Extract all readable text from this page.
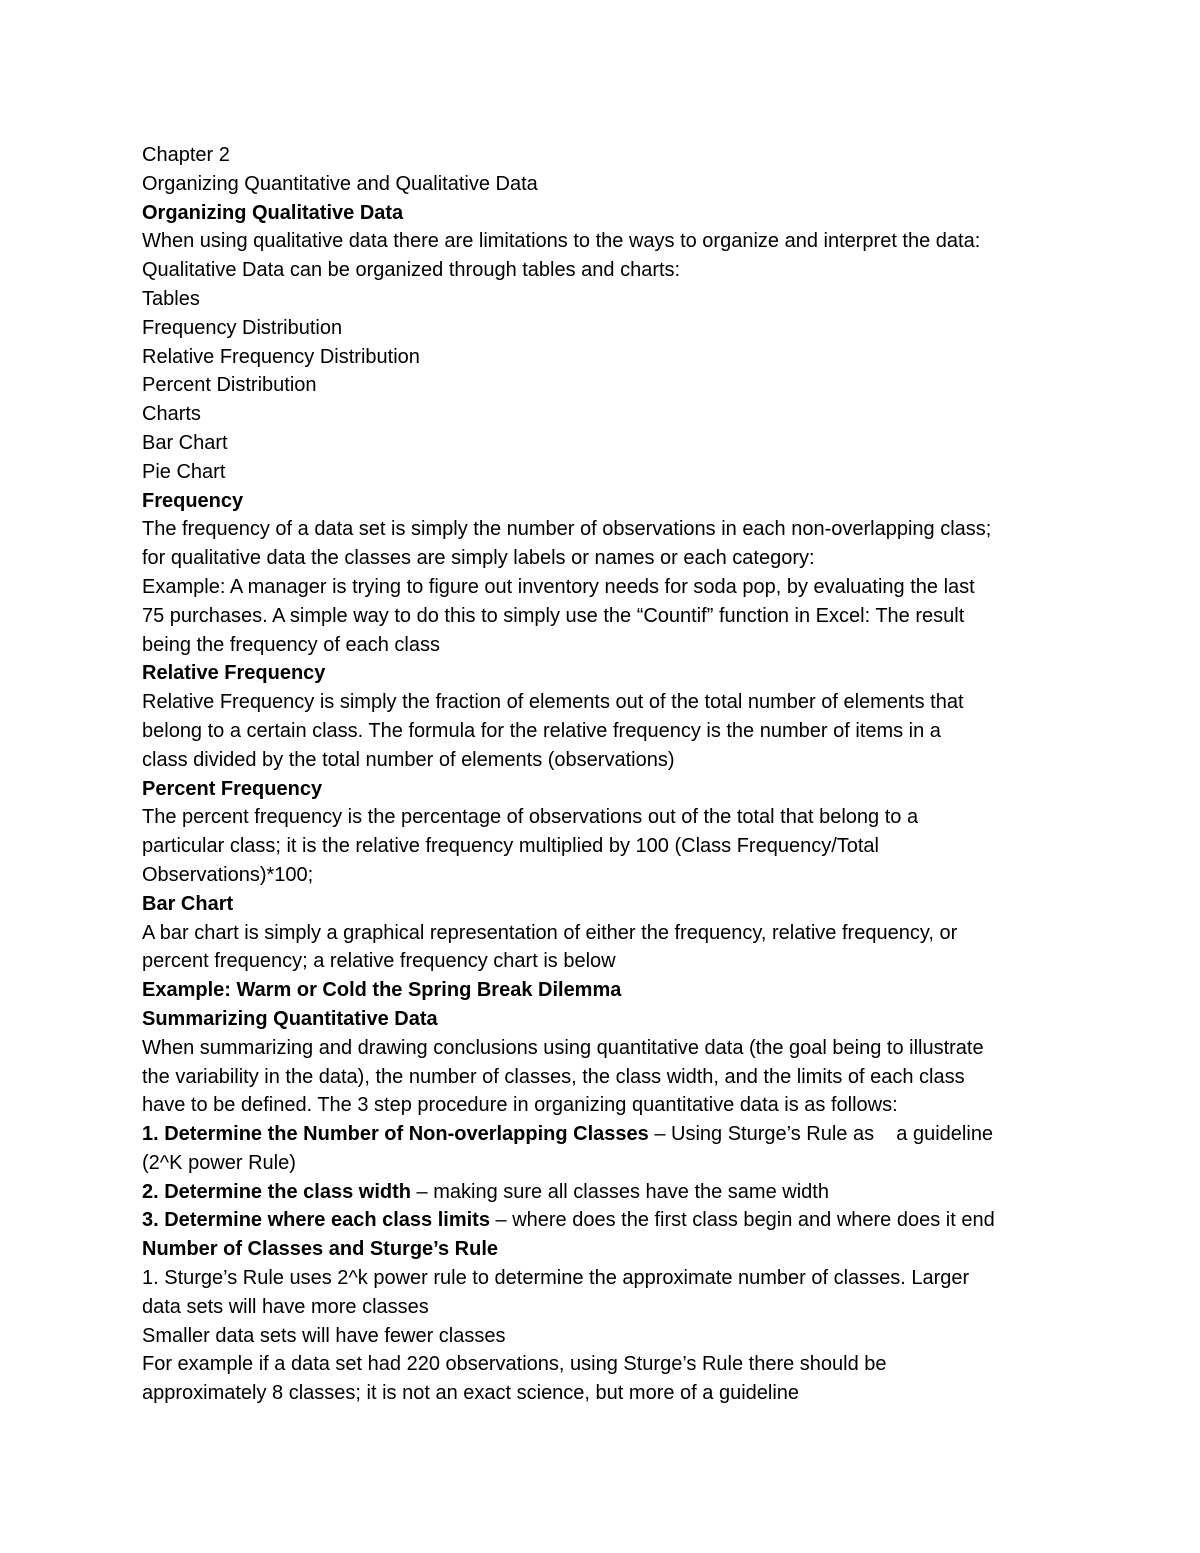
Chapter 2
Organizing Quantitative and Qualitative Data
Organizing Qualitative Data
When using qualitative data there are limitations to the ways to organize and interpret the data:
Qualitative Data can be organized through tables and charts:
Tables
Frequency Distribution
Relative Frequency Distribution
Percent Distribution
Charts
Bar Chart
Pie Chart
Frequency
The frequency of a data set is simply the number of observations in each non-overlapping class;
for qualitative data the classes are simply labels or names or each category:
Example: A manager is trying to figure out inventory needs for soda pop, by evaluating the last
75 purchases. A simple way to do this to simply use the “Countif” function in Excel: The result
being the frequency of each class
Relative Frequency
Relative Frequency is simply the fraction of elements out of the total number of elements that
belong to a certain class. The formula for the relative frequency is the number of items in a
class divided by the total number of elements (observations)
Percent Frequency
The percent frequency is the percentage of observations out of the total that belong to a
particular class; it is the relative frequency multiplied by 100 (Class Frequency/Total
Observations)*100;
Bar Chart
A bar chart is simply a graphical representation of either the frequency, relative frequency, or
percent frequency; a relative frequency chart is below
Example: Warm or Cold the Spring Break Dilemma
Summarizing Quantitative Data
When summarizing and drawing conclusions using quantitative data (the goal being to illustrate
the variability in the data), the number of classes, the class width, and the limits of each class
have to be defined. The 3 step procedure in organizing quantitative data is as follows:
1. Determine the Number of Non-overlapping Classes – Using Sturge’s Rule as    a guideline
(2^K power Rule)
2. Determine the class width – making sure all classes have the same width
3. Determine where each class limits – where does the first class begin and where does it end
Number of Classes and Sturge’s Rule
1. Sturge’s Rule uses 2^k power rule to determine the approximate number of classes. Larger
data sets will have more classes
Smaller data sets will have fewer classes
For example if a data set had 220 observations, using Sturge’s Rule there should be
approximately 8 classes; it is not an exact science, but more of a guideline
